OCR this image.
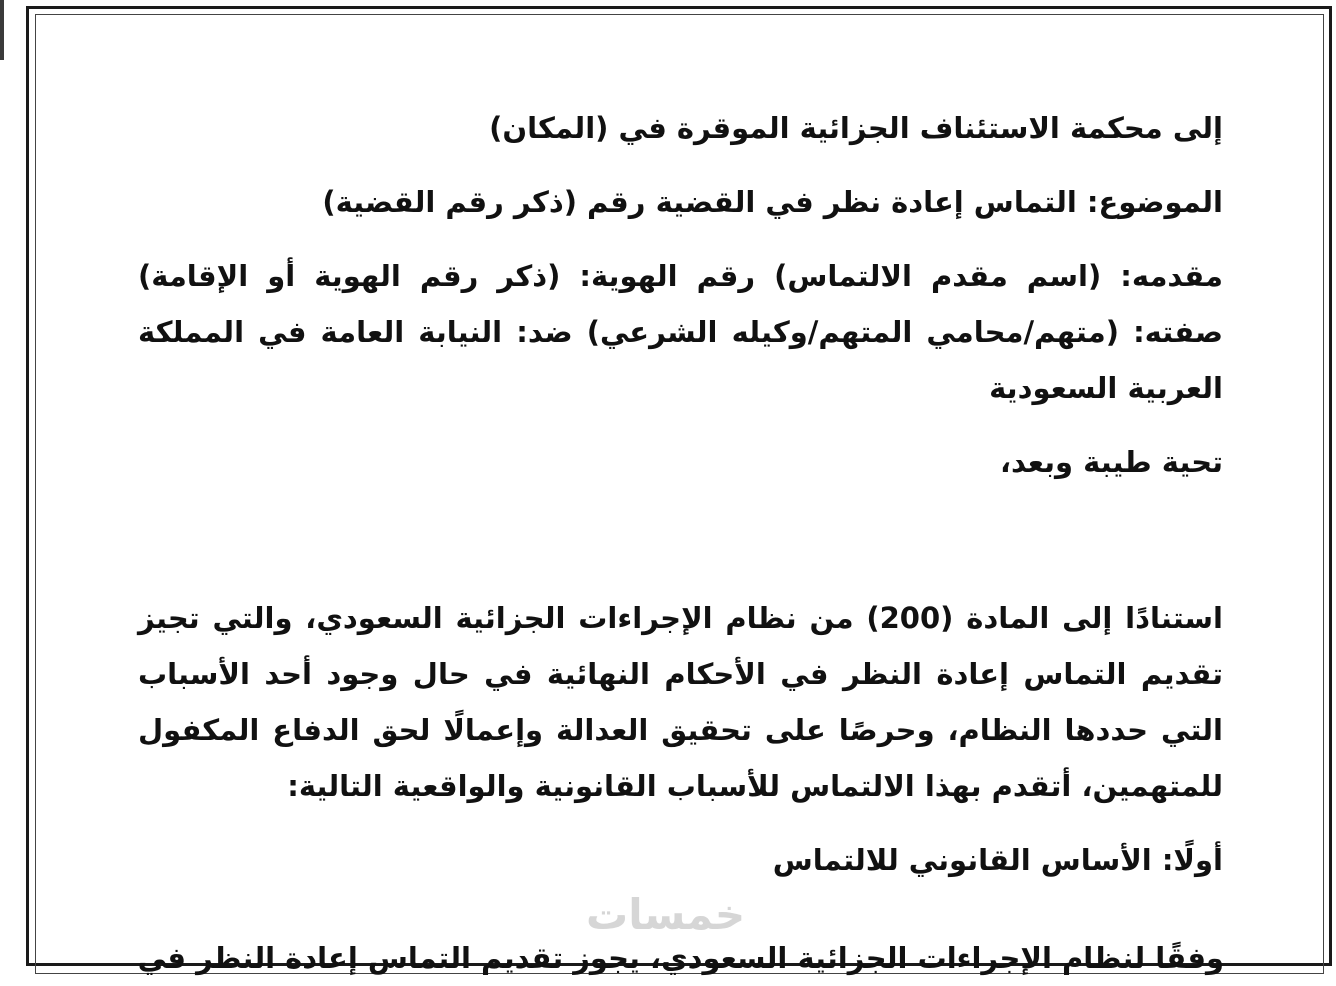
إلى محكمة الاستئناف الجزائية الموقرة في (المكان)

الموضوع: التماس إعادة نظر في القضية رقم (ذكر رقم القضية)

مقدمه: (اسم مقدم الالتماس) رقم الهوية: (ذكر رقم الهوية أو الإقامة) صفته: (متهم/محامي المتهم/وكيله الشرعي) ضد: النيابة العامة في المملكة العربية السعودية

تحية طيبة وبعد،

استنادًا إلى المادة (200) من نظام الإجراءات الجزائية السعودي، والتي تجيز تقديم التماس إعادة النظر في الأحكام النهائية في حال وجود أحد الأسباب التي حددها النظام، وحرصًا على تحقيق العدالة وإعمالًا لحق الدفاع المكفول للمتهمين، أتقدم بهذا الالتماس للأسباب القانونية والواقعية التالية:

أولًا: الأساس القانوني للالتماس

وفقًا لنظام الإجراءات الجزائية السعودي، يجوز تقديم التماس إعادة النظر في
خمسات
